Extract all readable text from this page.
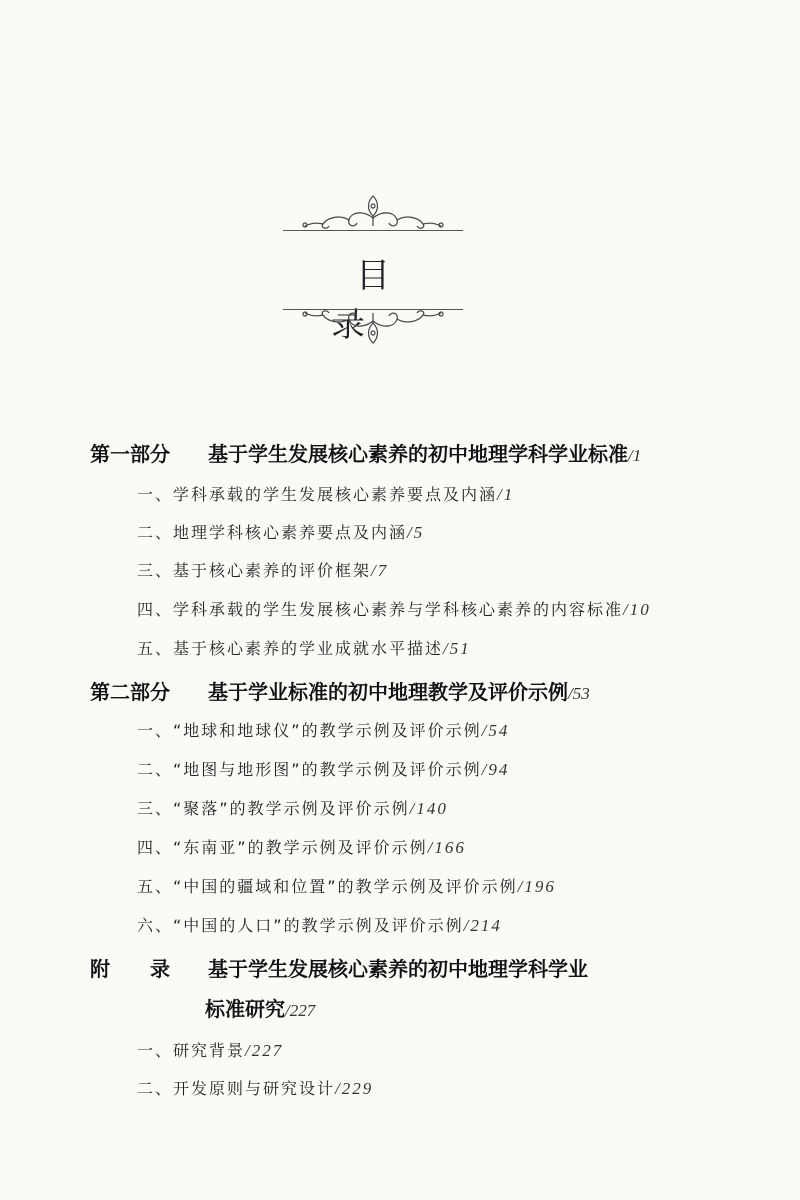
目　　录
第一部分 基于学生发展核心素养的初中地理学科学业标准/1
一、学科承载的学生发展核心素养要点及内涵/1
二、地理学科核心素养要点及内涵/5
三、基于核心素养的评价框架/7
四、学科承载的学生发展核心素养与学科核心素养的内容标准/10
五、基于核心素养的学业成就水平描述/51
第二部分 基于学业标准的初中地理教学及评价示例/53
一、“地球和地球仪”的教学示例及评价示例/54
二、“地图与地形图”的教学示例及评价示例/94
三、“聚落”的教学示例及评价示例/140
四、“东南亚”的教学示例及评价示例/166
五、“中国的疆域和位置”的教学示例及评价示例/196
六、“中国的人口”的教学示例及评价示例/214
附　　录 基于学生发展核心素养的初中地理学科学业
标准研究/227
一、研究背景/227
二、开发原则与研究设计/229
